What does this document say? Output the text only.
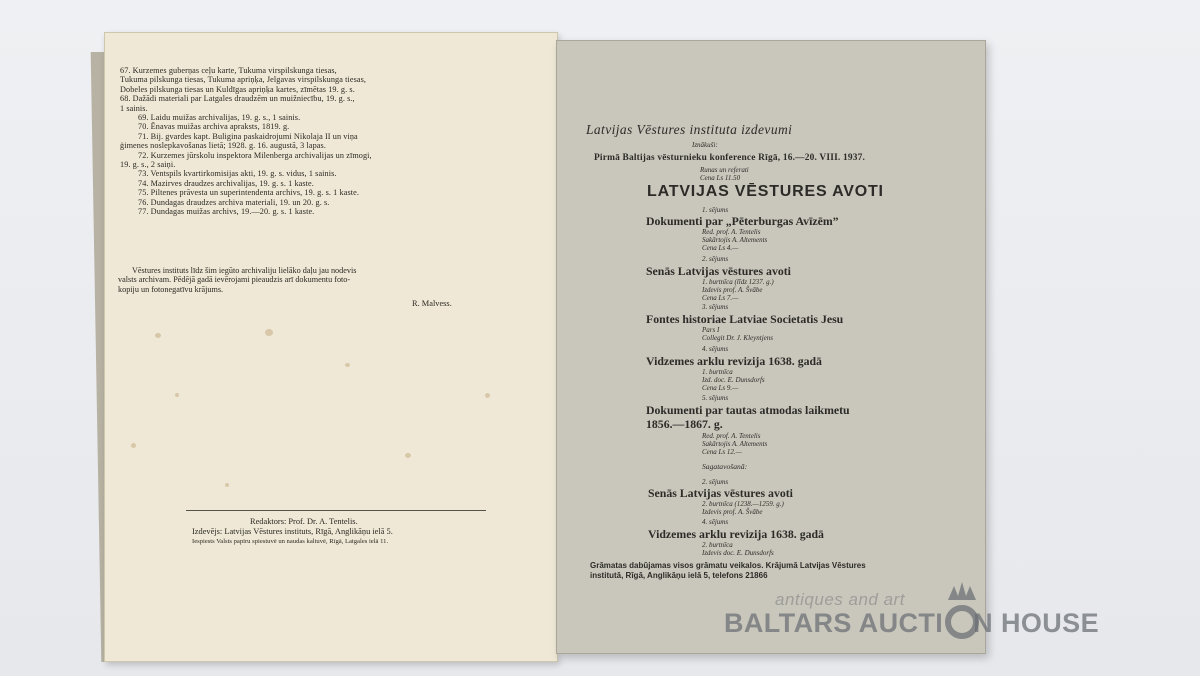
67. Kurzemes guberņas ceļu karte, Tukuma virspilskunga tiesas,
Tukuma pilskunga tiesas, Tukuma apriņķa, Jelgavas virspilskunga tiesas,
Dobeles pilskunga tiesas un Kuldīgas apriņķa kartes, zīmētas 19. g. s.
68. Dažādi materiali par Latgales draudzēm un muižniecību, 19. g. s.,
1 sainis.
69. Laidu muižas archivalijas, 19. g. s., 1 sainis.
70. Ēnavas muižas archiva apraksts, 1819. g.
71. Bij. gvardes kapt. Buligina paskaidrojumi Nikolaja II un viņa
ģimenes noslepkavošanas lietā; 1928. g. 16. augustā, 3 lapas.
72. Kurzemes jūrskolu inspektora Milenberga archivalijas un zīmogi,
19. g. s., 2 saiņi.
73. Ventspils kvartirkomisijas akti, 19. g. s. vidus, 1 sainis.
74. Mazirves draudzes archivalijas, 19. g. s. 1 kaste.
75. Piltenes prāvesta un superintendenta archivs, 19. g. s. 1 kaste.
76. Dundagas draudzes archiva materiali, 19. un 20. g. s.
77. Dundagas muižas archivs, 19.—20. g. s. 1 kaste.
Vēstures instituts līdz šim iegūto archivaliju lielāko daļu jau nodevis
valsts archivam. Pēdējā gadā ievērojami pieaudzis arī dokumentu foto-
kopiju un fotonegatīvu krājums.
R. Malvess.
Redaktors: Prof. Dr. A. Tentelis.
Izdevējs: Latvijas Vēstures instituts, Rīgā, Anglikāņu ielā 5.
Iespiests Valsts papīru spiestuvē un naudas kaltuvē, Rīgā, Latgales ielā 11.
Latvijas Vēstures instituta izdevumi
Iznākuši:
Pirmā Baltijas vēsturnieku konference Rīgā, 16.—20. VIII. 1937.
Runas un referati
Cena Ls 11.50
LATVIJAS VĒSTURES AVOTI
1. sējums
Dokumenti par „Pēterburgas Avīzēm”
Red. prof. A. Tentelis
Sakārtojis A. Altements
Cena Ls 4.—
2. sējums
Senās Latvijas vēstures avoti
1. burtnīca (līdz 1237. g.)
Izdevis prof. A. Švābe
Cena Ls 7.—
3. sējums
Fontes historiae Latviae Societatis Jesu
Pars I
Collegit Dr. J. Kleyntjens
4. sējums
Vidzemes arklu revizija 1638. gadā
1. burtnīca
Izd. doc. E. Dunsdorfs
Cena Ls 9.—
5. sējums
Dokumenti par tautas atmodas laikmetu
1856.—1867. g.
Red. prof. A. Tentelis
Sakārtojis A. Altements
Cena Ls 12.—
Sagatavošanā:
2. sējums
Senās Latvijas vēstures avoti
2. burtnīca (1238.—1259. g.)
Izdevis prof. A. Švābe
4. sējums
Vidzemes arklu revizija 1638. gadā
2. burtnīca
Izdevis doc. E. Dunsdorfs
Grāmatas dabūjamas visos grāmatu veikalos. Krājumā Latvijas Vēstures
institutā, Rīgā, Anglikāņu ielā 5, telefons 21866
antiques and art
BALTARS AUCTI N HOUSE
